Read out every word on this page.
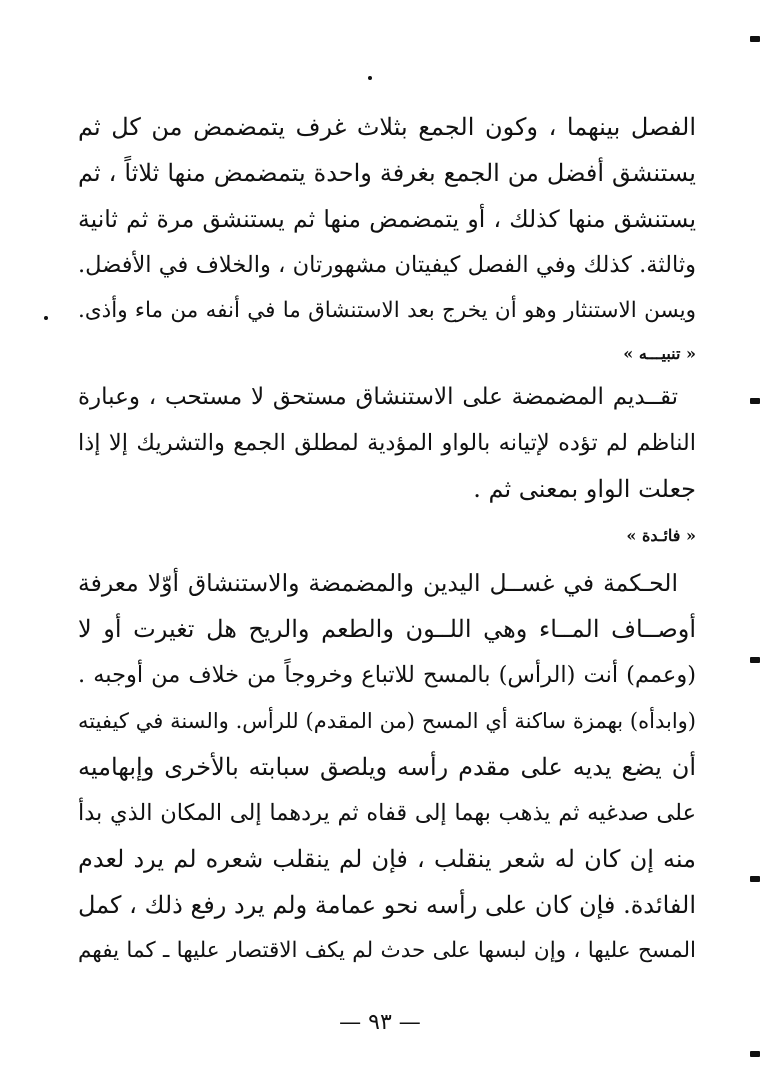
الفصل بينهما ، وكون الجمع بثلاث غرف يتمضمض من كل ثم
يستنشق أفضل من الجمع بغرفة واحدة يتمضمض منها ثلاثاً ، ثم
يستنشق منها كذلك ، أو يتمضمض منها ثم يستنشق مرة ثم ثانية
وثالثة. كذلك وفي الفصل كيفيتان مشهورتان ، والخلاف في الأفضل.
ويسن الاستنثار وهو أن يخرج بعد الاستنشاق ما في أنفه من ماء وأذى.
« تنبيـــه »
تقــديم المضمضة على الاستنشاق مستحق لا مستحب ، وعبارة
الناظم لم تؤده لإتيانه بالواو المؤدية لمطلق الجمع والتشريك إلا إذا
جعلت الواو بمعنى ثم .
« فائـدة »
الحـكمة في غســل اليدين والمضمضة والاستنشاق أوّلا معرفة
أوصــاف المــاء وهي اللــون والطعم والريح هل تغيرت أو لا
(وعمم) أنت (الرأس) بالمسح للاتباع وخروجاً من خلاف من أوجبه .
(وابدأه) بهمزة ساكنة أي المسح (من المقدم) للرأس. والسنة في كيفيته
أن يضع يديه على مقدم رأسه ويلصق سبابته بالأخرى وإبهاميه
على صدغيه ثم يذهب بهما إلى قفاه ثم يردهما إلى المكان الذي بدأ
منه إن كان له شعر ينقلب ، فإن لم ينقلب شعره لم يرد لعدم
الفائدة. فإن كان على رأسه نحو عمامة ولم يرد رفع ذلك ، كمل
المسح عليها ، وإن لبسها على حدث لم يكف الاقتصار عليها ـ كما يفهم
— ٩٣ —
